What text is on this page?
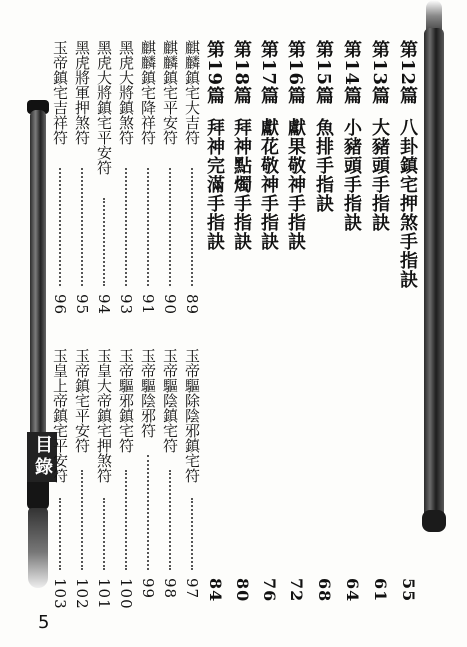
目錄
第12篇 八卦鎮宅押煞手指訣
55
第13篇 大豬頭手指訣
61
第14篇 小豬頭手指訣
64
第15篇 魚排手指訣
68
第16篇 獻果敬神手指訣
72
第17篇 獻花敬神手指訣
76
第18篇 拜神點燭手指訣
80
第19篇 拜神完滿手指訣
84
麒麟鎮宅大吉符
89
麒麟鎮宅平安符
90
麒麟鎮宅降祥符
91
黑虎大將鎮煞符
93
黑虎大將鎮宅平安符
94
黑虎將軍押煞符
95
玉帝鎮宅吉祥符
96
玉帝驅除陰邪鎮宅符
97
玉帝驅陰鎮宅符
98
玉帝驅陰邪符
99
玉帝驅邪鎮宅符
100
玉皇大帝鎮宅押煞符
101
玉帝鎮宅平安符
102
玉皇上帝鎮宅平安符
103
5
